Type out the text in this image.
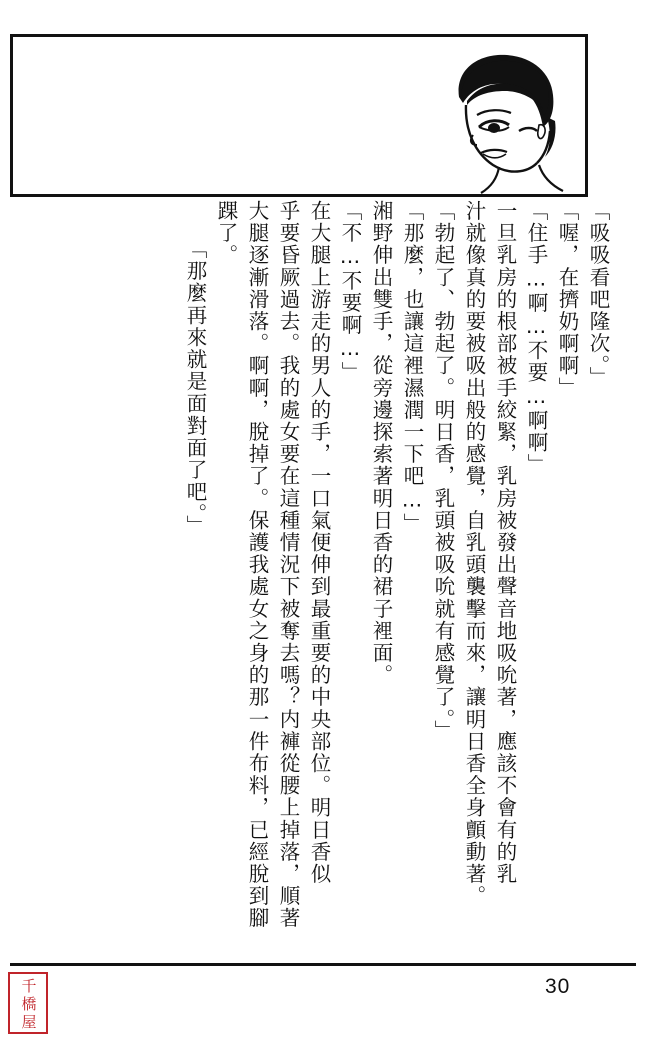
「吸吸看吧隆次。」
「喔，在擠奶啊啊」
「住手…啊…不要…啊啊」
一旦乳房的根部被手絞緊，乳房被發出聲音地吸吮著，應該不會有的乳
汁就像真的要被吸出般的感覺，自乳頭襲擊而來，讓明日香全身顫動著。
「勃起了、勃起了。明日香，乳頭被吸吮就有感覺了。」
「那麼，也讓這裡濕潤一下吧…」
湘野伸出雙手，從旁邊探索著明日香的裙子裡面。
「不…不要啊…」
在大腿上游走的男人的手，一口氣便伸到最重要的中央部位。明日香似
乎要昏厥過去。我的處女要在這種情況下被奪去嗎？内褲從腰上掉落，順著
大腿逐漸滑落。啊啊，脫掉了。保護我處女之身的那一件布料，已經脫到腳
踝了。
「那麼再來就是面對面了吧。」
30
千
橋
屋
